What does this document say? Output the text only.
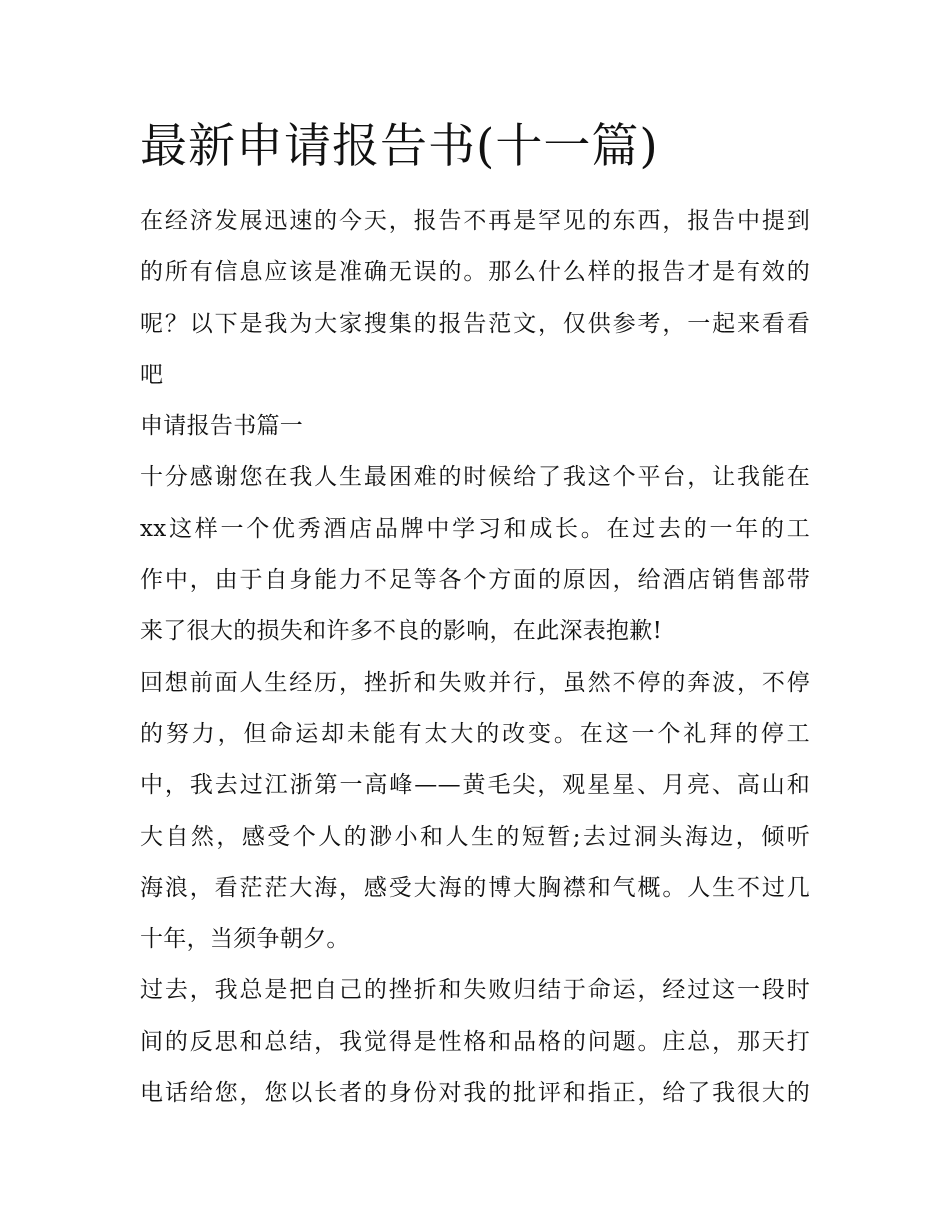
最新申请报告书(十一篇)
在经济发展迅速的今天，报告不再是罕见的东西，报告中提到
的所有信息应该是准确无误的。那么什么样的报告才是有效的
呢？以下是我为大家搜集的报告范文，仅供参考，一起来看看
吧
申请报告书篇一
十分感谢您在我人生最困难的时候给了我这个平台，让我能在
xx这样一个优秀酒店品牌中学习和成长。在过去的一年的工
作中，由于自身能力不足等各个方面的原因，给酒店销售部带
来了很大的损失和许多不良的影响，在此深表抱歉!
回想前面人生经历，挫折和失败并行，虽然不停的奔波，不停
的努力，但命运却未能有太大的改变。在这一个礼拜的停工
中，我去过江浙第一高峰——黄毛尖，观星星、月亮、高山和
大自然，感受个人的渺小和人生的短暂;去过洞头海边，倾听
海浪，看茫茫大海，感受大海的博大胸襟和气概。人生不过几
十年，当须争朝夕。
过去，我总是把自己的挫折和失败归结于命运，经过这一段时
间的反思和总结，我觉得是性格和品格的问题。庄总，那天打
电话给您，您以长者的身份对我的批评和指正，给了我很大的
